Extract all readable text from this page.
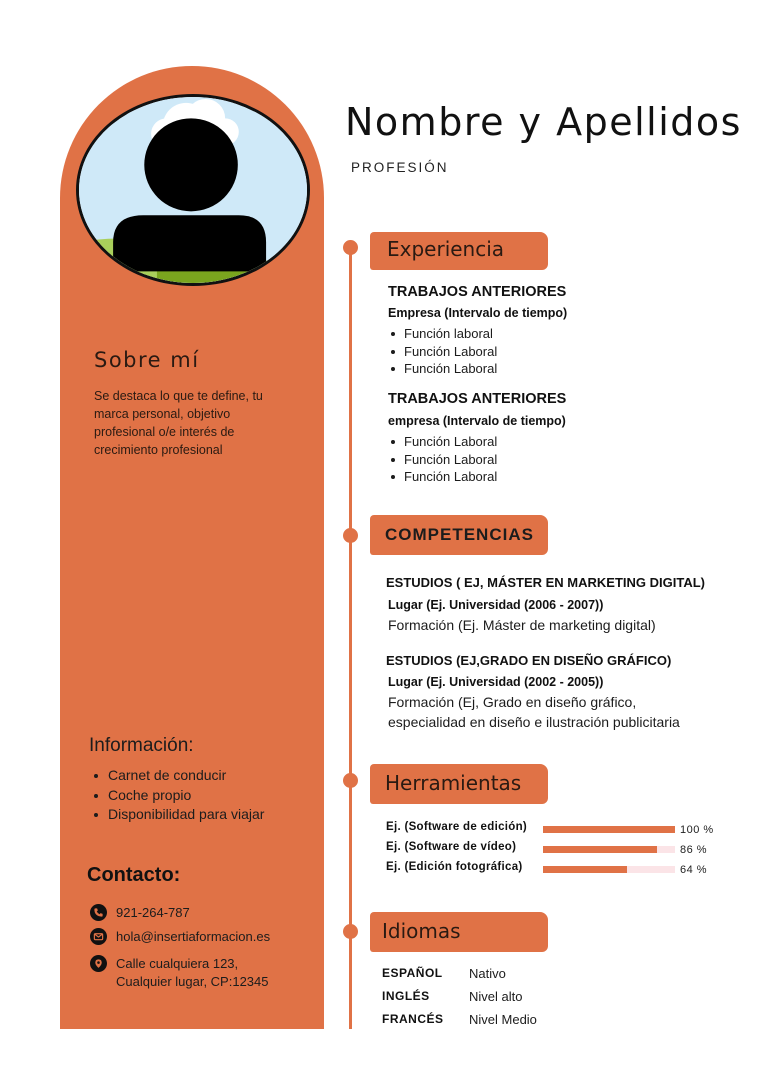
Sobre mí
Se destaca lo que te define, tu marca personal, objetivo profesional o/e interés de crecimiento profesional
Información:
Carnet de conducir
Coche propio
Disponibilidad para viajar
Contacto:
921-264-787
hola@insertiaformacion.es
Calle cualquiera 123,
Cualquier lugar, CP:12345
Nombre y Apellidos
PROFESIÓN
Experiencia
TRABAJOS ANTERIORES
Empresa (Intervalo de tiempo)
Función laboral
Función Laboral
Función Laboral
TRABAJOS ANTERIORES
empresa (Intervalo de tiempo)
Función Laboral
Función Laboral
Función Laboral
COMPETENCIAS
ESTUDIOS ( EJ, MÁSTER EN MARKETING DIGITAL)
Lugar (Ej. Universidad (2006 - 2007))
Formación (Ej. Máster de marketing digital)
ESTUDIOS (EJ,GRADO EN DISEÑO GRÁFICO)
Lugar (Ej. Universidad (2002 - 2005))
Formación (Ej, Grado en diseño gráfico,
especialidad en diseño e ilustración publicitaria
Herramientas
Ej. (Software de edición)	100 %
Ej. (Software de vídeo)	86 %
Ej. (Edición fotográfica)	64 %
Idiomas
ESPAÑOL Nativo
INGLÉS	Nivel alto
FRANCÉS Nivel Medio
